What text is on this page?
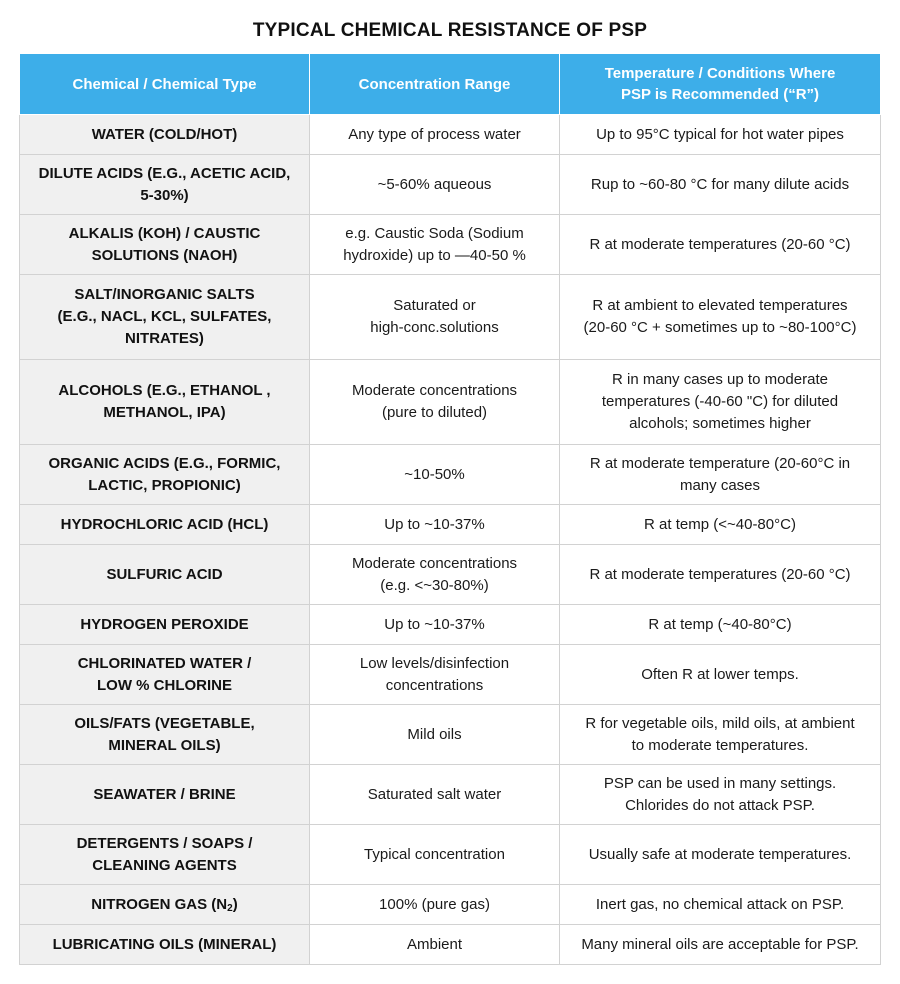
TYPICAL CHEMICAL RESISTANCE OF PSP
Chemical / Chemical Type	Concentration Range	Temperature / Conditions Where
PSP is Recommended (“R”)
WATER (COLD/HOT)	Any type of process water	Up to 95°C typical for hot water pipes
DILUTE ACIDS (E.G., ACETIC ACID,
5-30%)	~5-60% aqueous	Rup to ~60-80 °C for many dilute acids
ALKALIS (KOH) / CAUSTIC
SOLUTIONS (NAOH)	e.g. Caustic Soda (Sodium
hydroxide) up to —40-50 %	R at moderate temperatures (20-60 °C)
SALT/INORGANIC SALTS
(E.G., NACL, KCL, SULFATES,
NITRATES)	Saturated or
high-conc.solutions	R at ambient to elevated temperatures
(20-60 °C + sometimes up to ~80-100°C)
ALCOHOLS (E.G., ETHANOL ,
METHANOL, IPA)	Moderate concentrations
(pure to diluted)	R in many cases up to moderate
temperatures (-40-60 "C) for diluted
alcohols; sometimes higher
ORGANIC ACIDS (E.G., FORMIC,
LACTIC, PROPIONIC)	~10-50%	R at moderate temperature (20-60°C in
many cases
HYDROCHLORIC ACID (HCL)	Up to ~10-37%	R at temp (<~40-80°C)
SULFURIC ACID	Moderate concentrations
(e.g. <~30-80%)	R at moderate temperatures (20-60 °C)
HYDROGEN PEROXIDE	Up to ~10-37%	R at temp (~40-80°C)
CHLORINATED WATER /
LOW % CHLORINE	Low levels/disinfection
concentrations	Often R at lower temps.
OILS/FATS (VEGETABLE,
MINERAL OILS)	Mild oils	R for vegetable oils, mild oils, at ambient
to moderate temperatures.
SEAWATER / BRINE	Saturated salt water	PSP can be used in many settings.
Chlorides do not attack PSP.
DETERGENTS / SOAPS /
CLEANING AGENTS	Typical concentration	Usually safe at moderate temperatures.
NITROGEN GAS $(N_2)$	100% (pure gas)	Inert gas, no chemical attack on PSP.
LUBRICATING OILS (MINERAL)	Ambient	Many mineral oils are acceptable for PSP.
